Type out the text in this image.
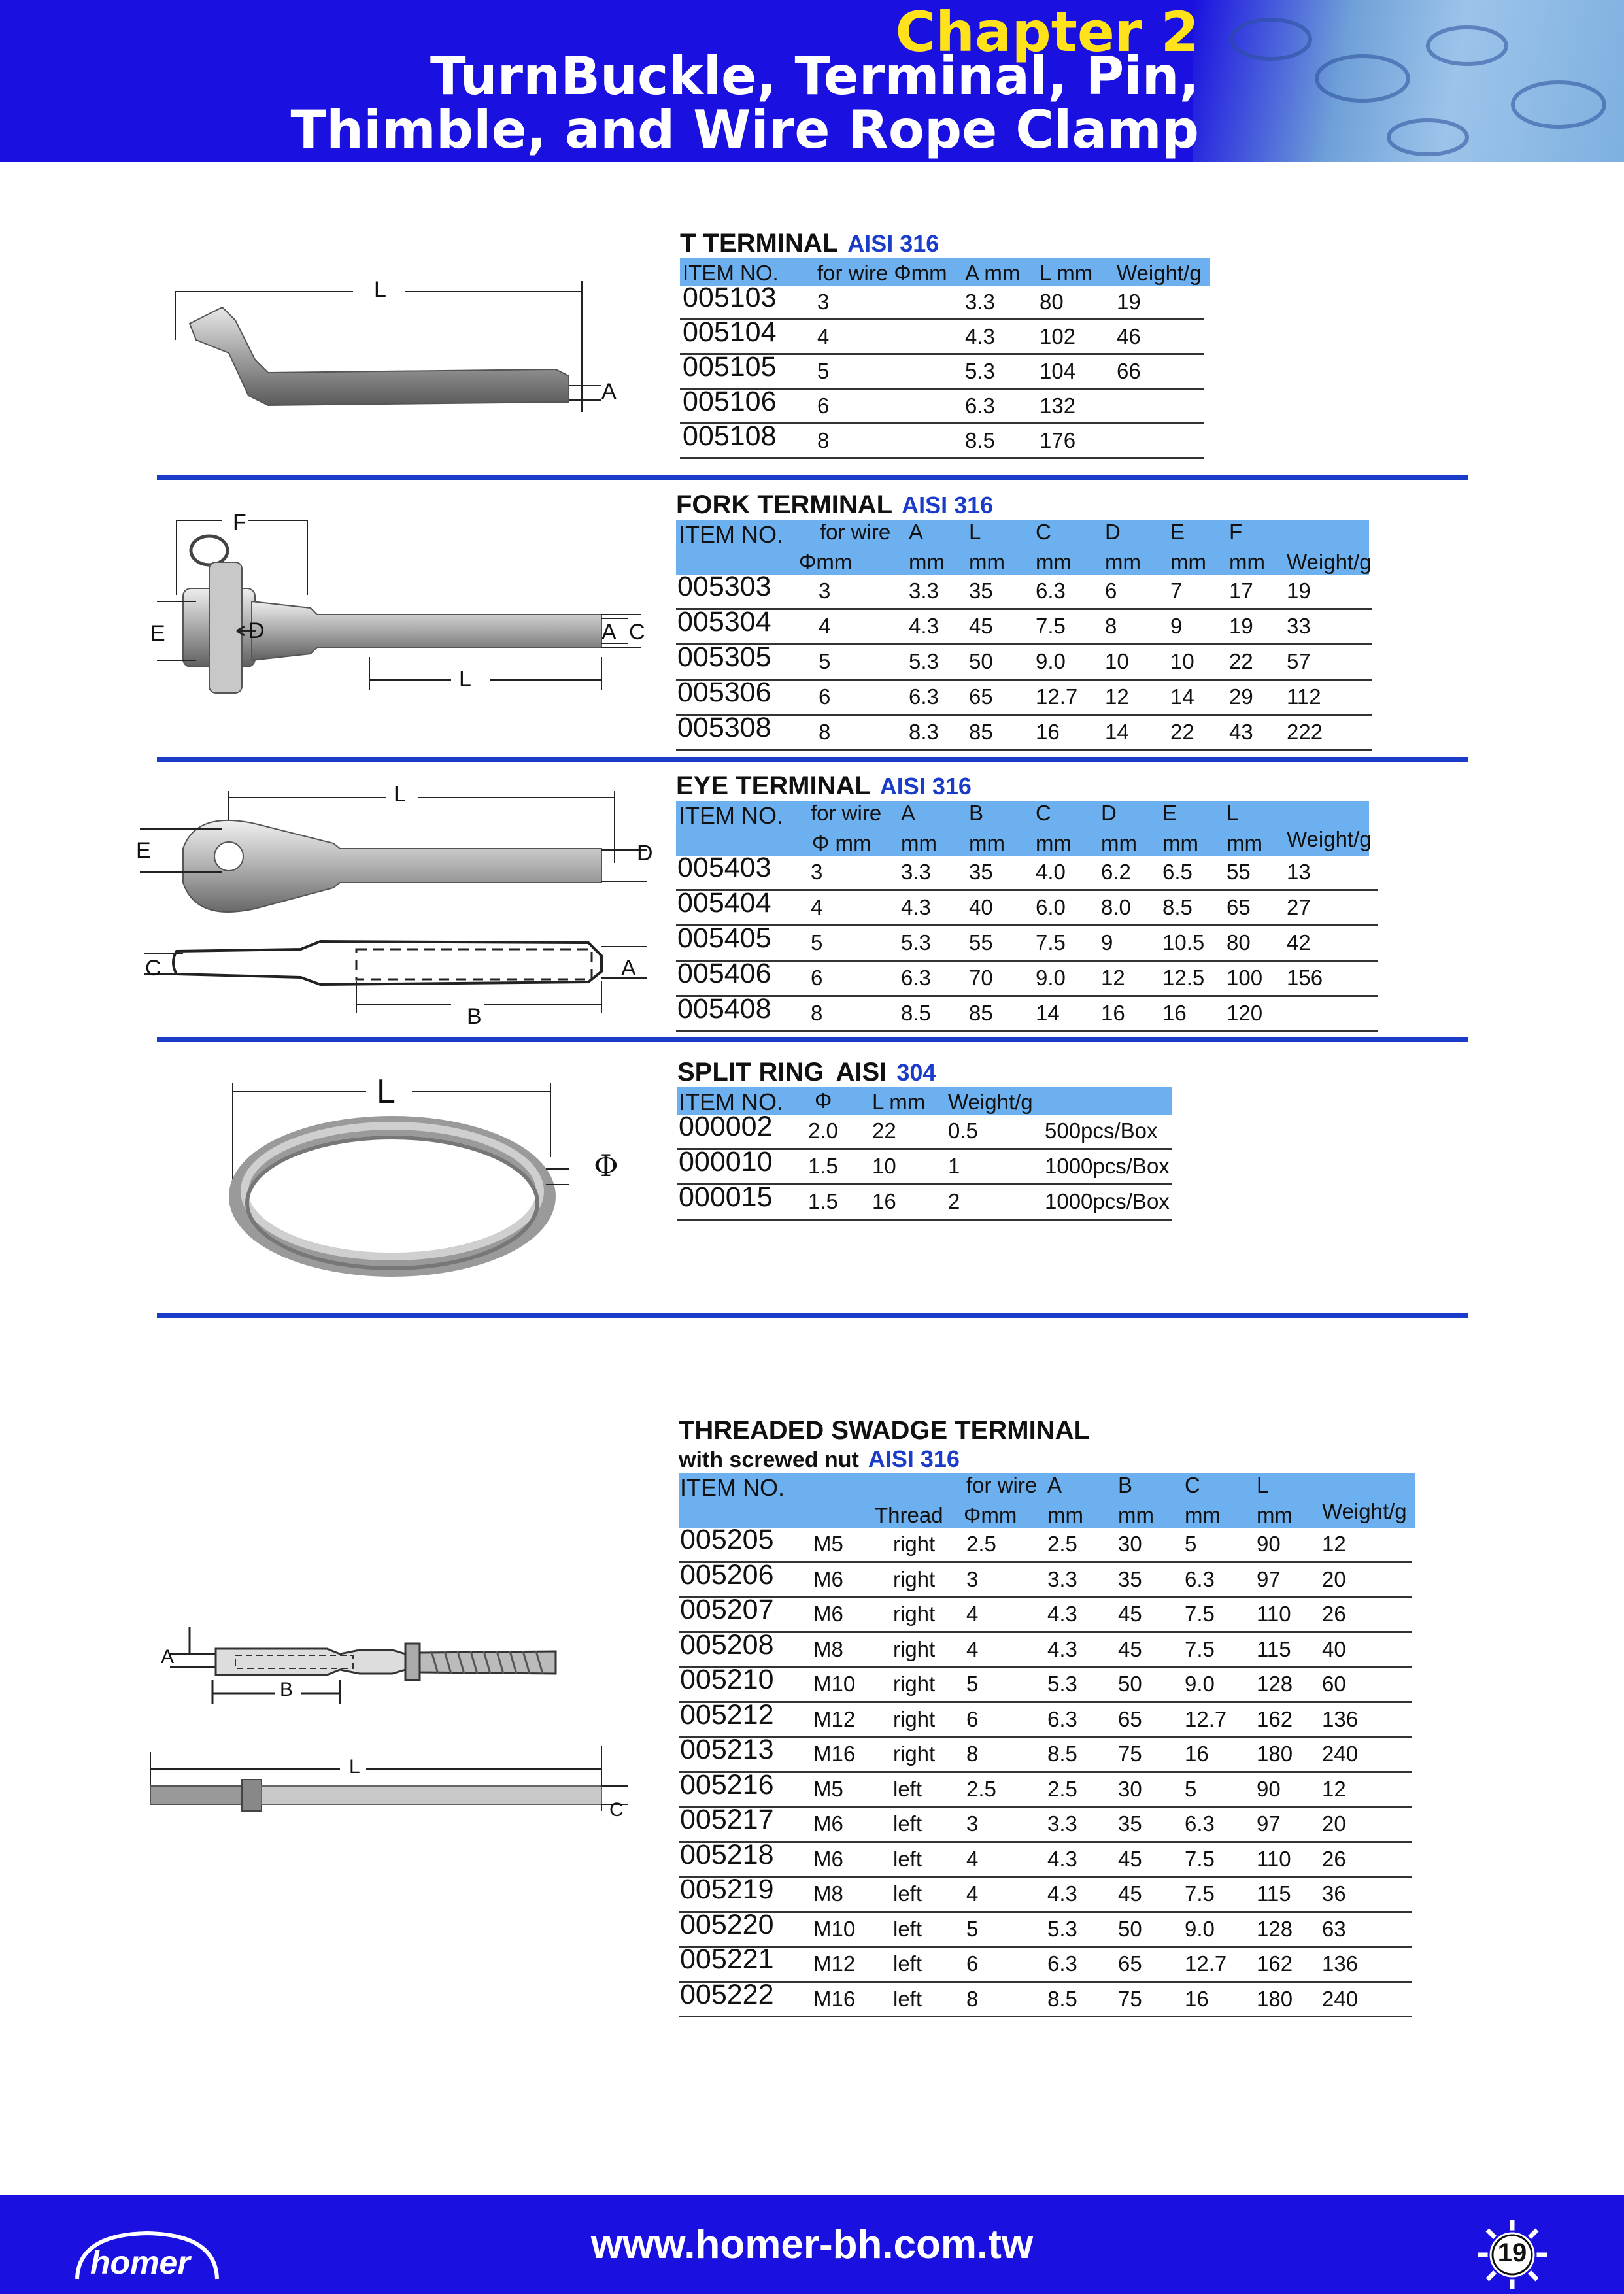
Chapter 2
TurnBuckle, Terminal, Pin,
Thimble, and Wire Rope Clamp
L
A
T TERMINAL AISI 316
ITEM NO. for wire Φmm A mm L mm Weight/g
005103 3	3.3 80 19
005104 4	4.3 102 46
005105 5	5.3 104 66
005106 6	6.3 132
005108 8	8.5 176
F
E	D	A C
L
FORK TERMINAL AISI 316
ITEM NO. for wire A L	C D E F
Φmm	mm mm mm mm mm mm Weight/g
005303 3	3.3 35 6.3 6 7 17 19
005304 4	4.3 45 7.5 8 9 19 33
005305 5	5.3 50 9.0 10 10 22 57
005306 6	6.3 65 12.7 12 14 29 112
005308 8	8.3 85 16 14 22 43 222
L
E	D
C	A
B
EYE TERMINAL AISI 316
ITEM NO. for wire A B C D E L
Φ mm mm mm mm mm mm mm Weight/g
005403 3	3.3 35 4.0 6.2 6.5 55 13
005404 4	4.3 40 6.0 8.0 8.5 65 27
005405 5	5.3 55 7.5 9 10.5 80 42
005406 6	6.3 70 9.0 12 12.5 100 156
005408 8	8.5 85 14 16 16 120
L
Φ
SPLIT RING AISI 304
ITEM NO. Φ L mm Weight/g
000002 2.0 22 0.5	500pcs/Box
000010 1.5 10 1	1000pcs/Box
000015 1.5 16 2	1000pcs/Box
A
B
L
C
THREADED SWADGE TERMINAL
with screwed nut AISI 316
ITEM NO.	for wire A	B C	L
Thread Φmm mm mm mm mm Weight/g
005205 M5 right 2.5 2.5 30 5	90 12
005206 M6 right 3	3.3 35 6.3 97 20
005207 M6 right 4	4.3 45 7.5 110 26
005208 M8 right 4	4.3 45 7.5 115 40
005210 M10 right 5	5.3 50 9.0 128 60
005212 M12 right 6	6.3 65 12.7 162 136
005213 M16 right 8	8.5 75 16 180 240
005216 M5 left 2.5 2.5 30 5	90 12
005217 M6 left 3	3.3 35 6.3 97 20
005218 M6 left 4	4.3 45 7.5 110 26
005219 M8 left 4	4.3 45 7.5 115 36
005220 M10 left 5	5.3 50 9.0 128 63
005221 M12 left 6	6.3 65 12.7 162 136
005222 M16 left 8	8.5 75 16 180 240
homer	www.homer-bh.com.tw	19
